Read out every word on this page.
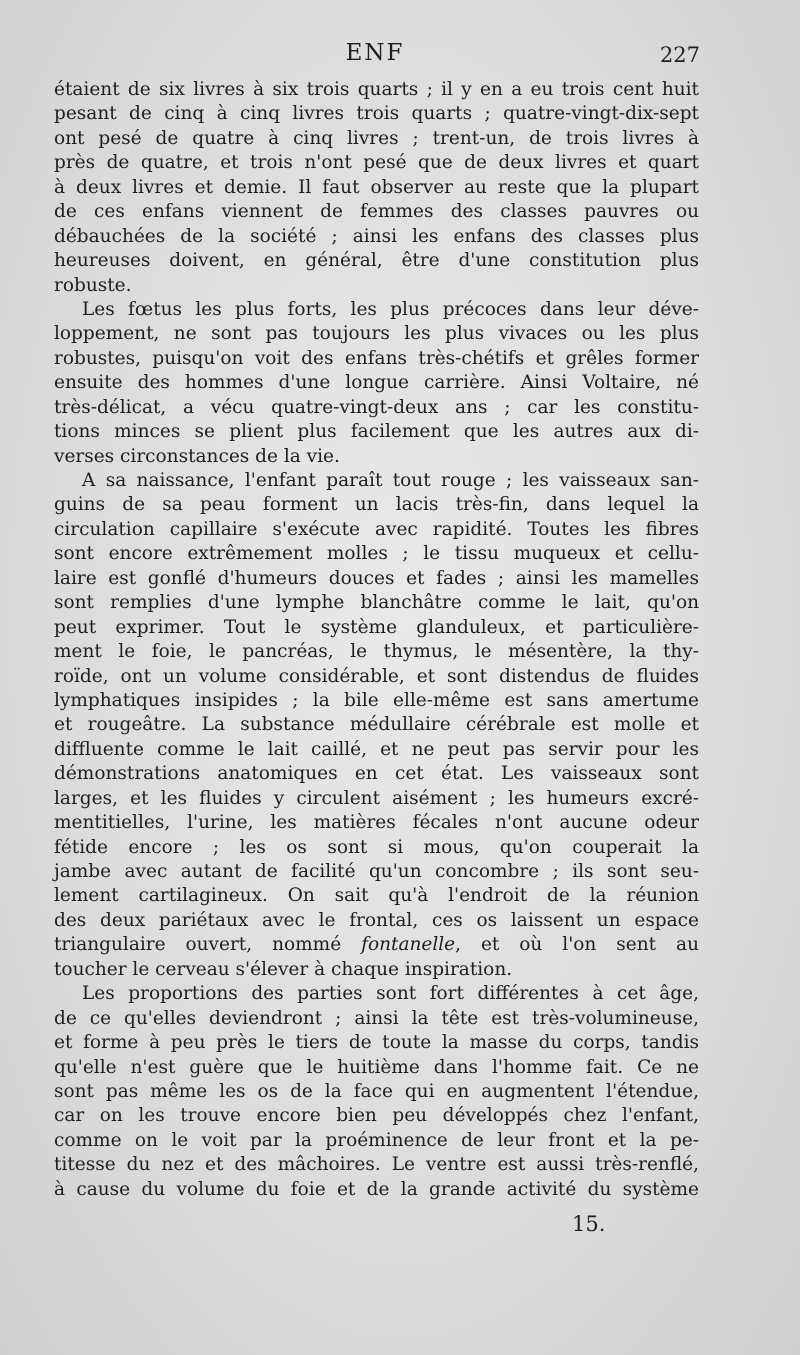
ENF	227
étaient de six livres à six trois quarts ; il y en a eu trois cent huit
pesant de cinq à cinq livres trois quarts ; quatre-vingt-dix-sept
ont pesé de quatre à cinq livres ; trent-un, de trois livres à
près de quatre, et trois n'ont pesé que de deux livres et quart
à deux livres et demie. Il faut observer au reste que la plupart
de ces enfans viennent de femmes des classes pauvres ou
débauchées de la société ; ainsi les enfans des classes plus
heureuses doivent, en général, être d'une constitution plus
robuste.
Les fœtus les plus forts, les plus précoces dans leur déve-
loppement, ne sont pas toujours les plus vivaces ou les plus
robustes, puisqu'on voit des enfans très-chétifs et grêles former
ensuite des hommes d'une longue carrière. Ainsi Voltaire, né
très-délicat, a vécu quatre-vingt-deux ans ; car les constitu-
tions minces se plient plus facilement que les autres aux di-
verses circonstances de la vie.
A sa naissance, l'enfant paraît tout rouge ; les vaisseaux san-
guins de sa peau forment un lacis très-fin, dans lequel la
circulation capillaire s'exécute avec rapidité. Toutes les fibres
sont encore extrêmement molles ; le tissu muqueux et cellu-
laire est gonflé d'humeurs douces et fades ; ainsi les mamelles
sont remplies d'une lymphe blanchâtre comme le lait, qu'on
peut exprimer. Tout le système glanduleux, et particulière-
ment le foie, le pancréas, le thymus, le mésentère, la thy-
roïde, ont un volume considérable, et sont distendus de fluides
lymphatiques insipides ; la bile elle-même est sans amertume
et rougeâtre. La substance médullaire cérébrale est molle et
diffluente comme le lait caillé, et ne peut pas servir pour les
démonstrations anatomiques en cet état. Les vaisseaux sont
larges, et les fluides y circulent aisément ; les humeurs excré-
mentitielles, l'urine, les matières fécales n'ont aucune odeur
fétide encore ; les os sont si mous, qu'on couperait la
jambe avec autant de facilité qu'un concombre ; ils sont seu-
lement cartilagineux. On sait qu'à l'endroit de la réunion
des deux pariétaux avec le frontal, ces os laissent un espace
triangulaire ouvert, nommé fontanelle, et où l'on sent au
toucher le cerveau s'élever à chaque inspiration.
Les proportions des parties sont fort différentes à cet âge,
de ce qu'elles deviendront ; ainsi la tête est très-volumineuse,
et forme à peu près le tiers de toute la masse du corps, tandis
qu'elle n'est guère que le huitième dans l'homme fait. Ce ne
sont pas même les os de la face qui en augmentent l'étendue,
car on les trouve encore bien peu développés chez l'enfant,
comme on le voit par la proéminence de leur front et la pe-
titesse du nez et des mâchoires. Le ventre est aussi très-renflé,
à cause du volume du foie et de la grande activité du système
15.
